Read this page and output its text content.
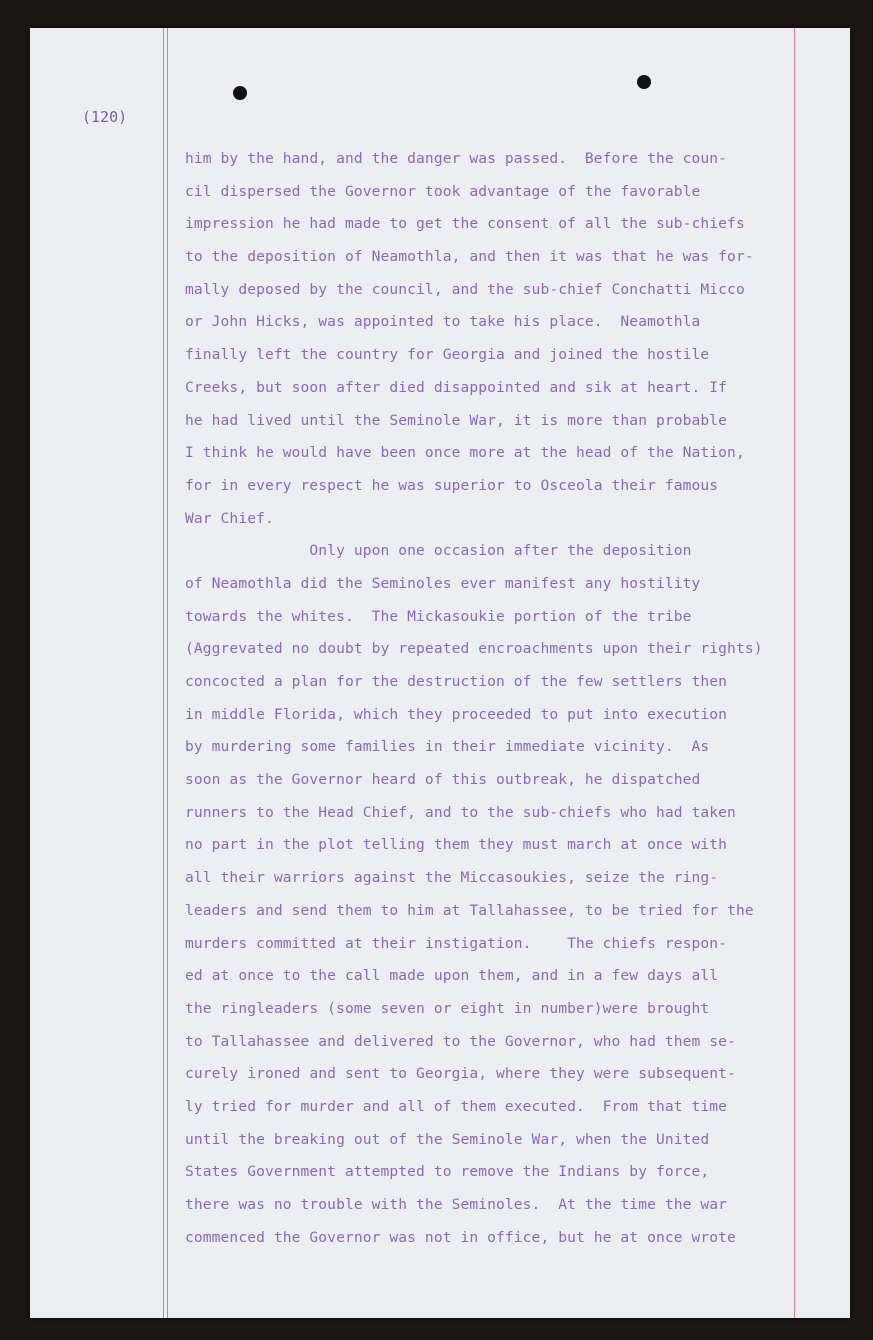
(120)
him by the hand, and the danger was passed.  Before the coun-
cil dispersed the Governor took advantage of the favorable
impression he had made to get the consent of all the sub-chiefs
to the deposition of Neamothla, and then it was that he was for-
mally deposed by the council, and the sub-chief Conchatti Micco
or John Hicks, was appointed to take his place.  Neamothla
finally left the country for Georgia and joined the hostile
Creeks, but soon after died disappointed and sik at heart. If
he had lived until the Seminole War, it is more than probable
I think he would have been once more at the head of the Nation,
for in every respect he was superior to Osceola their famous
War Chief.
Only upon one occasion after the deposition
of Neamothla did the Seminoles ever manifest any hostility
towards the whites.  The Mickasoukie portion of the tribe
(Aggrevated no doubt by repeated encroachments upon their rights)
concocted a plan for the destruction of the few settlers then
in middle Florida, which they proceeded to put into execution
by murdering some families in their immediate vicinity.  As
soon as the Governor heard of this outbreak, he dispatched
runners to the Head Chief, and to the sub-chiefs who had taken
no part in the plot telling them they must march at once with
all their warriors against the Miccasoukies, seize the ring-
leaders and send them to him at Tallahassee, to be tried for the
murders committed at their instigation.    The chiefs respon-
ed at once to the call made upon them, and in a few days all
the ringleaders (some seven or eight in number)were brought
to Tallahassee and delivered to the Governor, who had them se-
curely ironed and sent to Georgia, where they were subsequent-
ly tried for murder and all of them executed.  From that time
until the breaking out of the Seminole War, when the United
States Government attempted to remove the Indians by force,
there was no trouble with the Seminoles.  At the time the war
commenced the Governor was not in office, but he at once wrote
